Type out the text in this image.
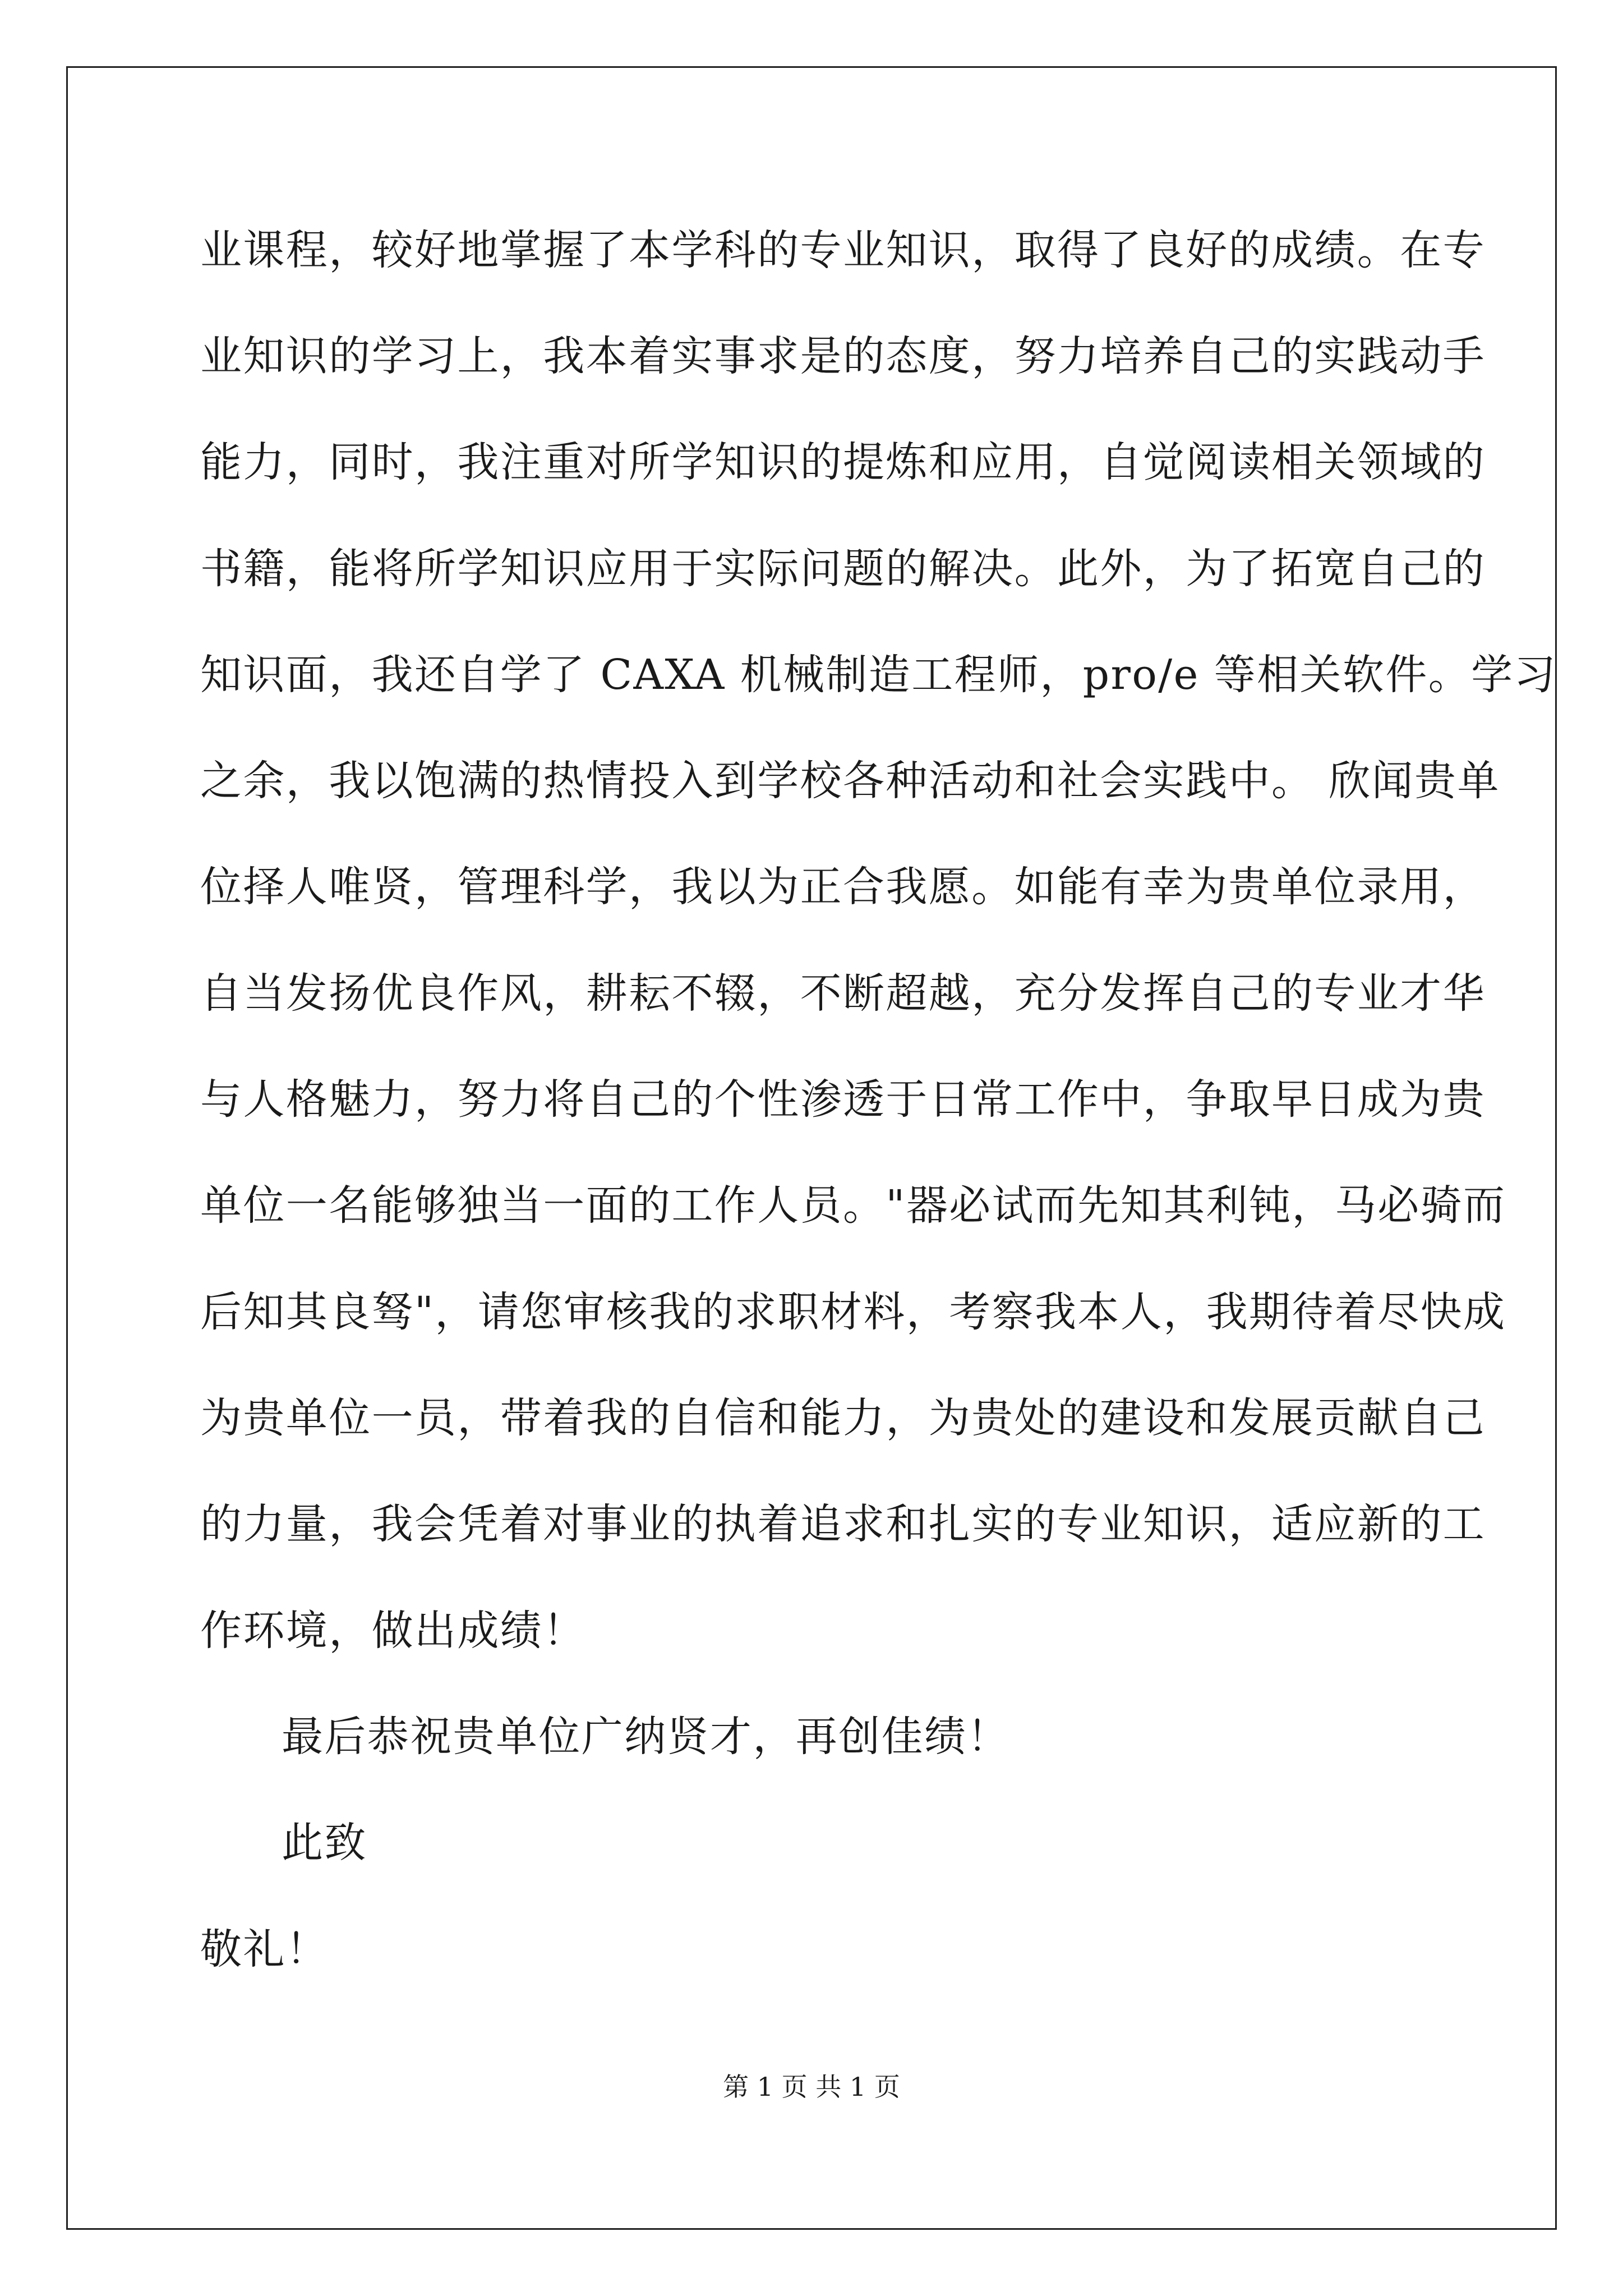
业课程，较好地掌握了本学科的专业知识，取得了良好的成绩。在专
业知识的学习上，我本着实事求是的态度，努力培养自己的实践动手
能力，同时，我注重对所学知识的提炼和应用，自觉阅读相关领域的
书籍，能将所学知识应用于实际问题的解决。此外，为了拓宽自己的
知识面，我还自学了 CAXA 机械制造工程师，pro/e 等相关软件。学习
之余，我以饱满的热情投入到学校各种活动和社会实践中。 欣闻贵单
位择人唯贤，管理科学，我以为正合我愿。如能有幸为贵单位录用，
自当发扬优良作风，耕耘不辍，不断超越，充分发挥自己的专业才华
与人格魅力，努力将自己的个性渗透于日常工作中，争取早日成为贵
单位一名能够独当一面的工作人员。"器必试而先知其利钝，马必骑而
后知其良驽"，请您审核我的求职材料，考察我本人，我期待着尽快成
为贵单位一员，带着我的自信和能力，为贵处的建设和发展贡献自己
的力量，我会凭着对事业的执着追求和扎实的专业知识，适应新的工
作环境，做出成绩！
最后恭祝贵单位广纳贤才，再创佳绩！
此致
敬礼！
第 1 页 共 1 页
